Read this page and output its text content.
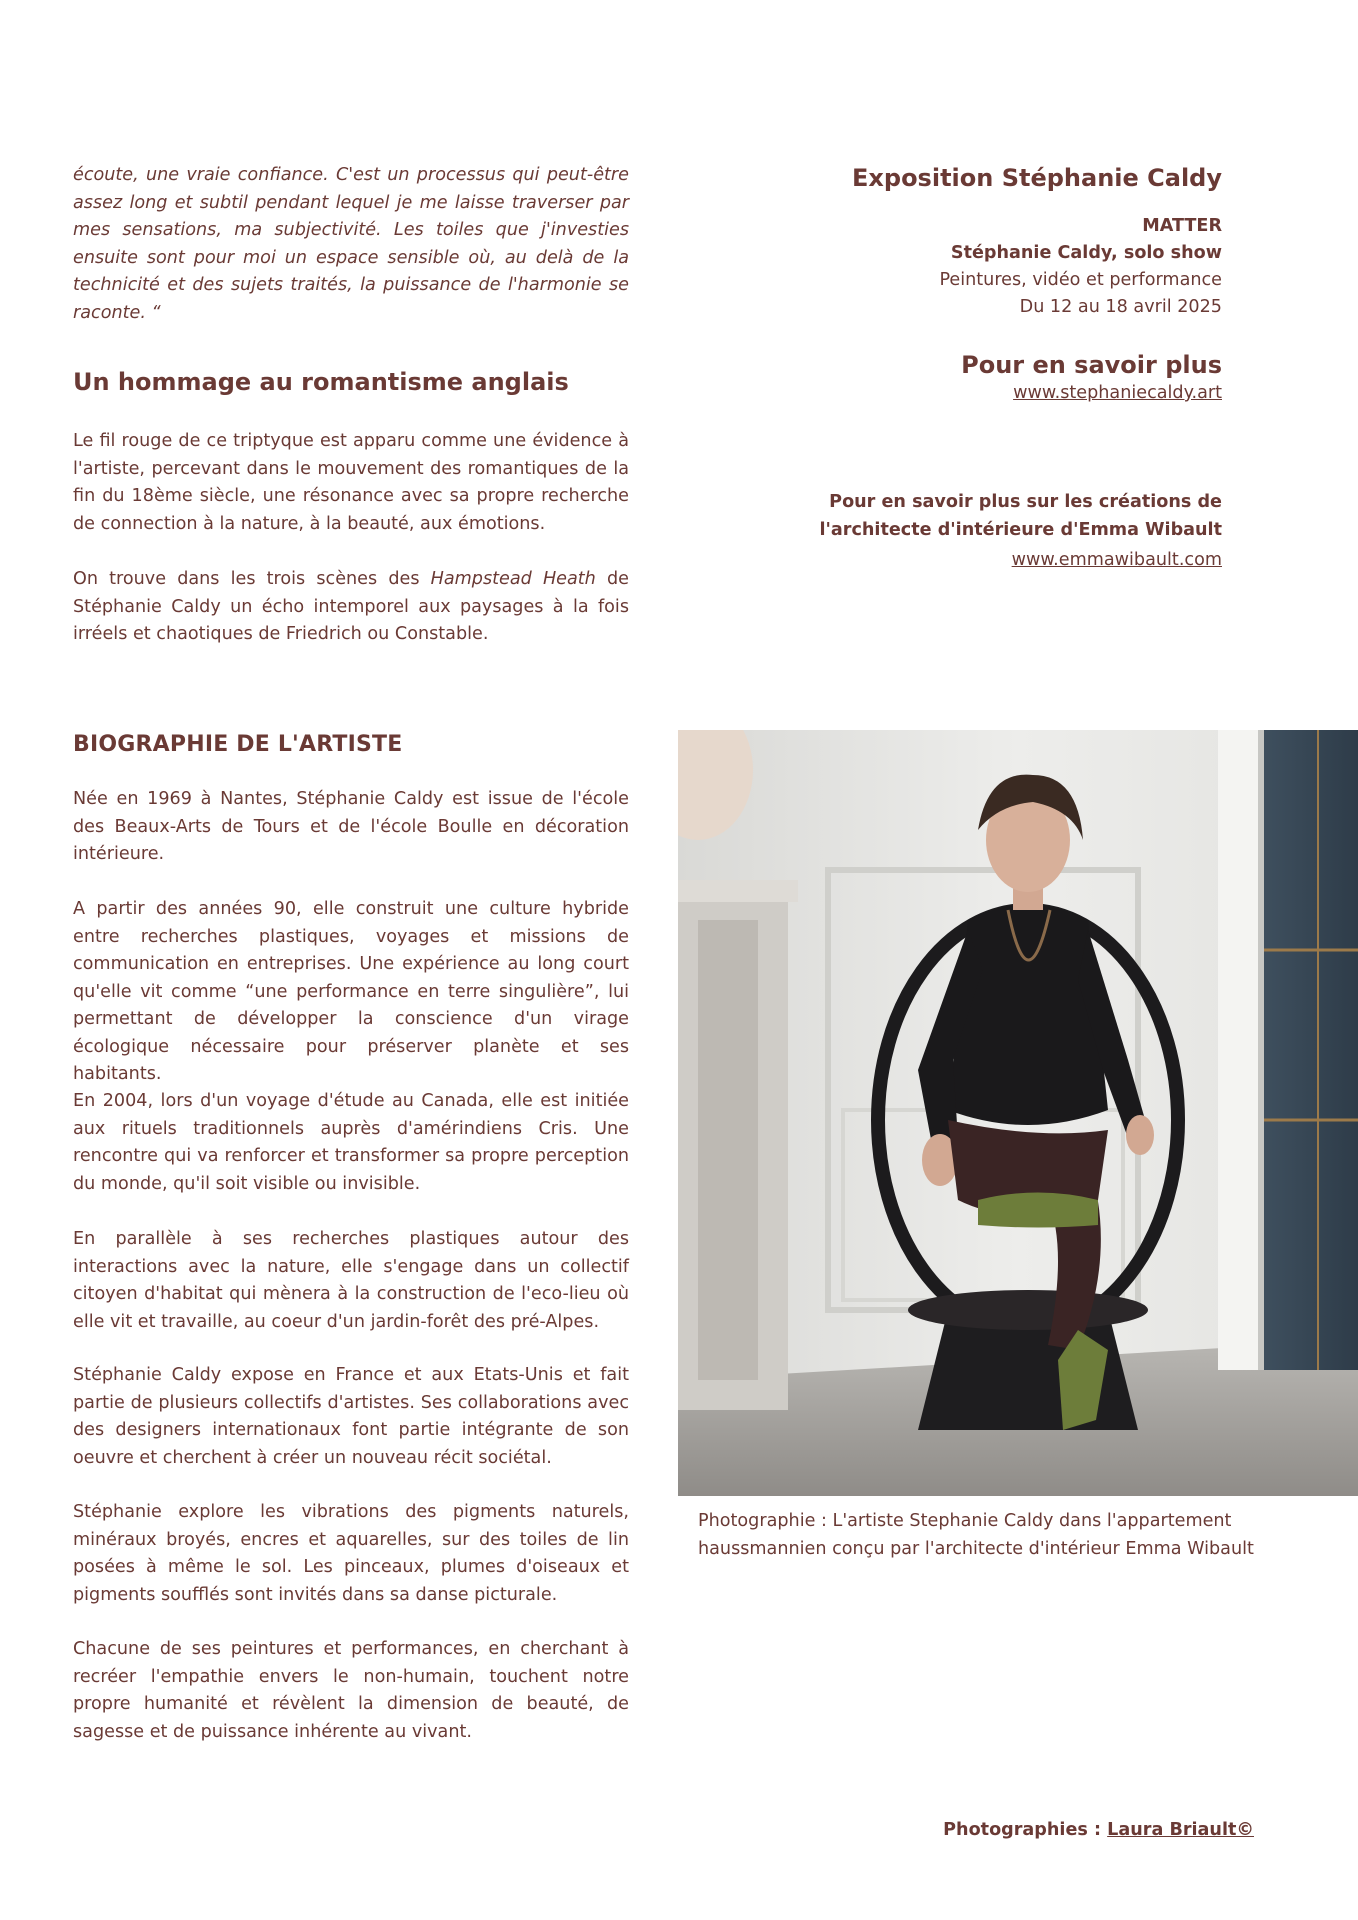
écoute, une vraie confiance. C'est un processus qui peut-être assez long et subtil pendant lequel je me laisse traverser par mes sensations, ma subjectivité. Les toiles que j'investies ensuite sont pour moi un espace sensible où, au delà de la technicité et des sujets traités, la puissance de l'harmonie se raconte. “

Un hommage au romantisme anglais

Le fil rouge de ce triptyque est apparu comme une évidence à l'artiste, percevant dans le mouvement des romantiques de la fin du 18ème siècle, une résonance avec sa propre recherche de connection à la nature, à la beauté, aux émotions.

On trouve dans les trois scènes des Hampstead Heath de Stéphanie Caldy un écho intemporel aux paysages à la fois irréels et chaotiques de Friedrich ou Constable.

Exposition Stéphanie Caldy
MATTER
Stéphanie Caldy, solo show
Peintures, vidéo et performance
Du 12 au 18 avril 2025
Pour en savoir plus
www.stephaniecaldy.art
Pour en savoir plus sur les créations de
l'architecte d'intérieure d'Emma Wibault
www.emmawibault.com
BIOGRAPHIE DE L'ARTISTE

Née en 1969 à Nantes, Stéphanie Caldy est issue de l'école des Beaux-Arts de Tours et de l'école Boulle en décoration intérieure.

A partir des années 90, elle construit une culture hybride entre recherches plastiques, voyages et missions de communication en entreprises. Une expérience au long court qu'elle vit comme “une performance en terre singulière”, lui permettant de développer la conscience d'un virage écologique nécessaire pour préserver planète et ses habitants.

En 2004, lors d'un voyage d'étude au Canada, elle est initiée aux rituels traditionnels auprès d'amérindiens Cris. Une rencontre qui va renforcer et transformer sa propre perception du monde, qu'il soit visible ou invisible.

En parallèle à ses recherches plastiques autour des interactions avec la nature, elle s'engage dans un collectif citoyen d'habitat qui mènera à la construction de l'eco-lieu où elle vit et travaille, au coeur d'un jardin-forêt des pré-Alpes.

Stéphanie Caldy expose en France et aux Etats-Unis et fait partie de plusieurs collectifs d'artistes. Ses collaborations avec des designers internationaux font partie intégrante de son oeuvre et cherchent à créer un nouveau récit sociétal.

Stéphanie explore les vibrations des pigments naturels, minéraux broyés, encres et aquarelles, sur des toiles de lin posées à même le sol. Les pinceaux, plumes d'oiseaux et pigments soufflés sont invités dans sa danse picturale.

Chacune de ses peintures et performances, en cherchant à recréer l'empathie envers le non-humain, touchent notre propre humanité et révèlent la dimension de beauté, de sagesse et de puissance inhérente au vivant.

Photographie : L'artiste Stephanie Caldy dans l'appartement
haussmannien conçu par l'architecte d'intérieur Emma Wibault
Photographies : Laura Briault©
